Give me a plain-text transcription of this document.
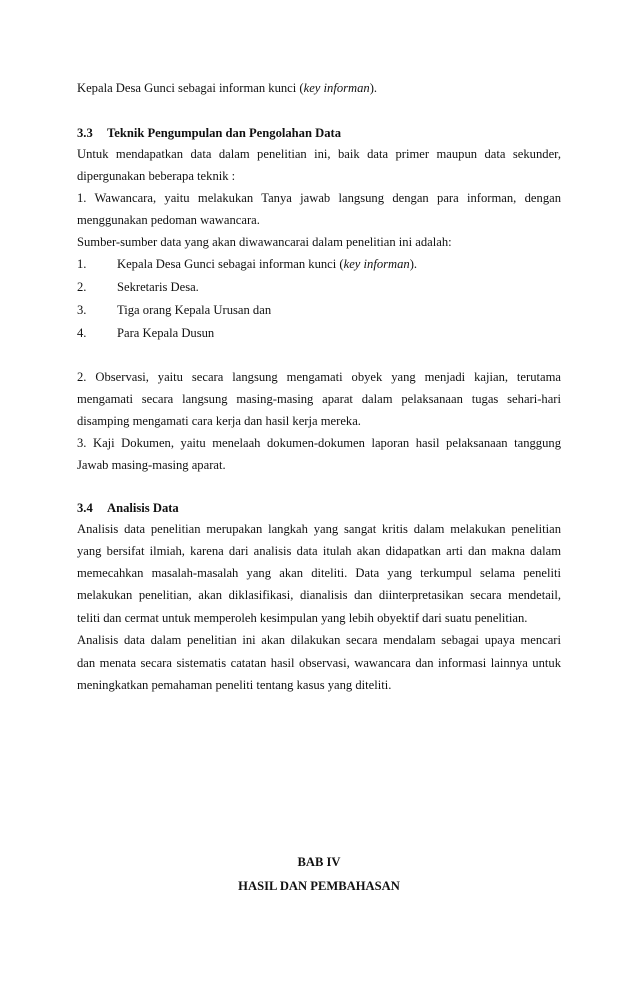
Kepala Desa Gunci sebagai informan kunci (key informan).
3.3 Teknik Pengumpulan dan Pengolahan Data
Untuk mendapatkan data dalam penelitian ini, baik data primer maupun data sekunder,
dipergunakan beberapa teknik :
1. Wawancara, yaitu melakukan Tanya jawab langsung dengan para informan, dengan
menggunakan pedoman wawancara.
Sumber-sumber data yang akan diwawancarai dalam penelitian ini adalah:
1. Kepala Desa Gunci sebagai informan kunci (key informan).
2. Sekretaris Desa.
3. Tiga orang Kepala Urusan dan
4. Para Kepala Dusun
2. Observasi, yaitu secara langsung mengamati obyek yang menjadi kajian, terutama
mengamati secara langsung masing-masing aparat dalam pelaksanaan tugas sehari-hari
disamping mengamati cara kerja dan hasil kerja mereka.
3. Kaji Dokumen, yaitu menelaah dokumen-dokumen laporan hasil pelaksanaan tanggung
Jawab masing-masing aparat.
3.4 Analisis Data
Analisis data penelitian merupakan langkah yang sangat kritis dalam melakukan penelitian
yang bersifat ilmiah, karena dari analisis data itulah akan didapatkan arti dan makna dalam
memecahkan masalah-masalah yang akan diteliti. Data yang terkumpul selama peneliti
melakukan penelitian, akan diklasifikasi, dianalisis dan diinterpretasikan secara mendetail,
teliti dan cermat untuk memperoleh kesimpulan yang lebih obyektif dari suatu penelitian.
Analisis data dalam penelitian ini akan dilakukan secara mendalam sebagai upaya mencari
dan menata secara sistematis catatan hasil observasi, wawancara dan informasi lainnya untuk
meningkatkan pemahaman peneliti tentang kasus yang diteliti.
BAB IV
HASIL DAN PEMBAHASAN
